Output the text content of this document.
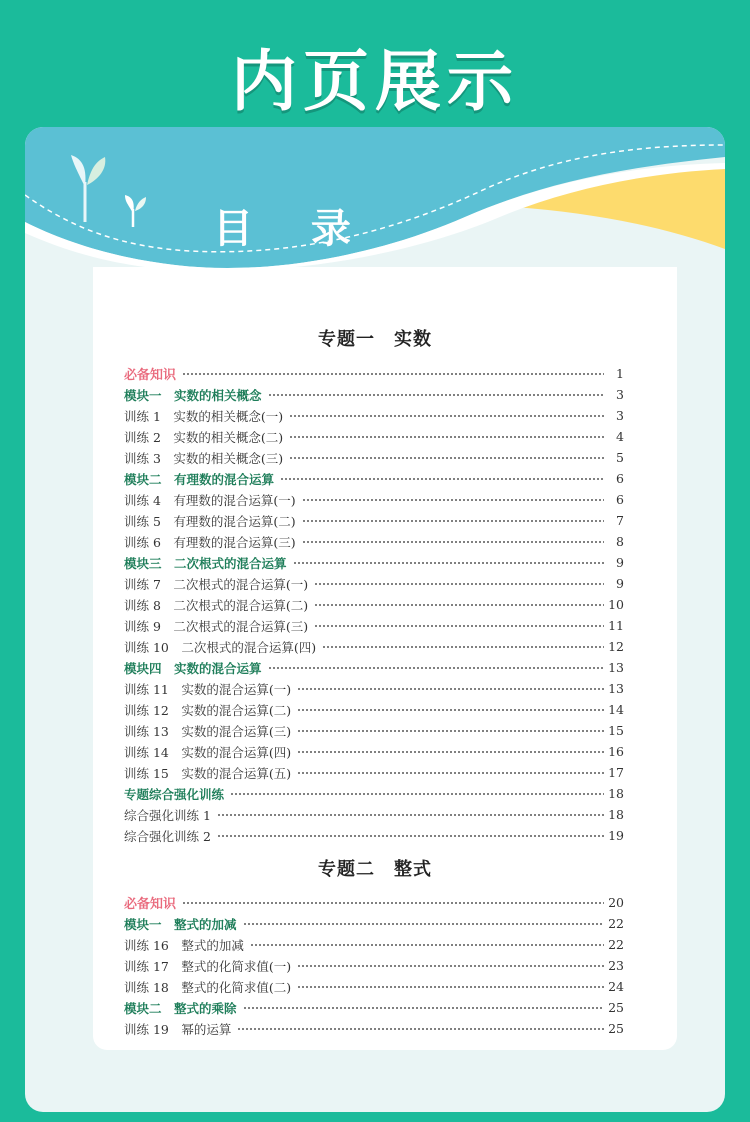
内页展示
目 录
专题一　实数
必备知识	1
模块一　实数的相关概念	3
训练 1　实数的相关概念(一)	3
训练 2　实数的相关概念(二)	4
训练 3　实数的相关概念(三)	5
模块二　有理数的混合运算	6
训练 4　有理数的混合运算(一)	6
训练 5　有理数的混合运算(二)	7
训练 6　有理数的混合运算(三)	8
模块三　二次根式的混合运算	9
训练 7　二次根式的混合运算(一)	9
训练 8　二次根式的混合运算(二)	10
训练 9　二次根式的混合运算(三)	11
训练 10　二次根式的混合运算(四)	12
模块四　实数的混合运算	13
训练 11　实数的混合运算(一)	13
训练 12　实数的混合运算(二)	14
训练 13　实数的混合运算(三)	15
训练 14　实数的混合运算(四)	16
训练 15　实数的混合运算(五)	17
专题综合强化训练	18
综合强化训练 1	18
综合强化训练 2	19
专题二　整式
必备知识	20
模块一　整式的加减	22
训练 16　整式的加减	22
训练 17　整式的化简求值(一)	23
训练 18　整式的化简求值(二)	24
模块二　整式的乘除	25
训练 19　幂的运算	25
